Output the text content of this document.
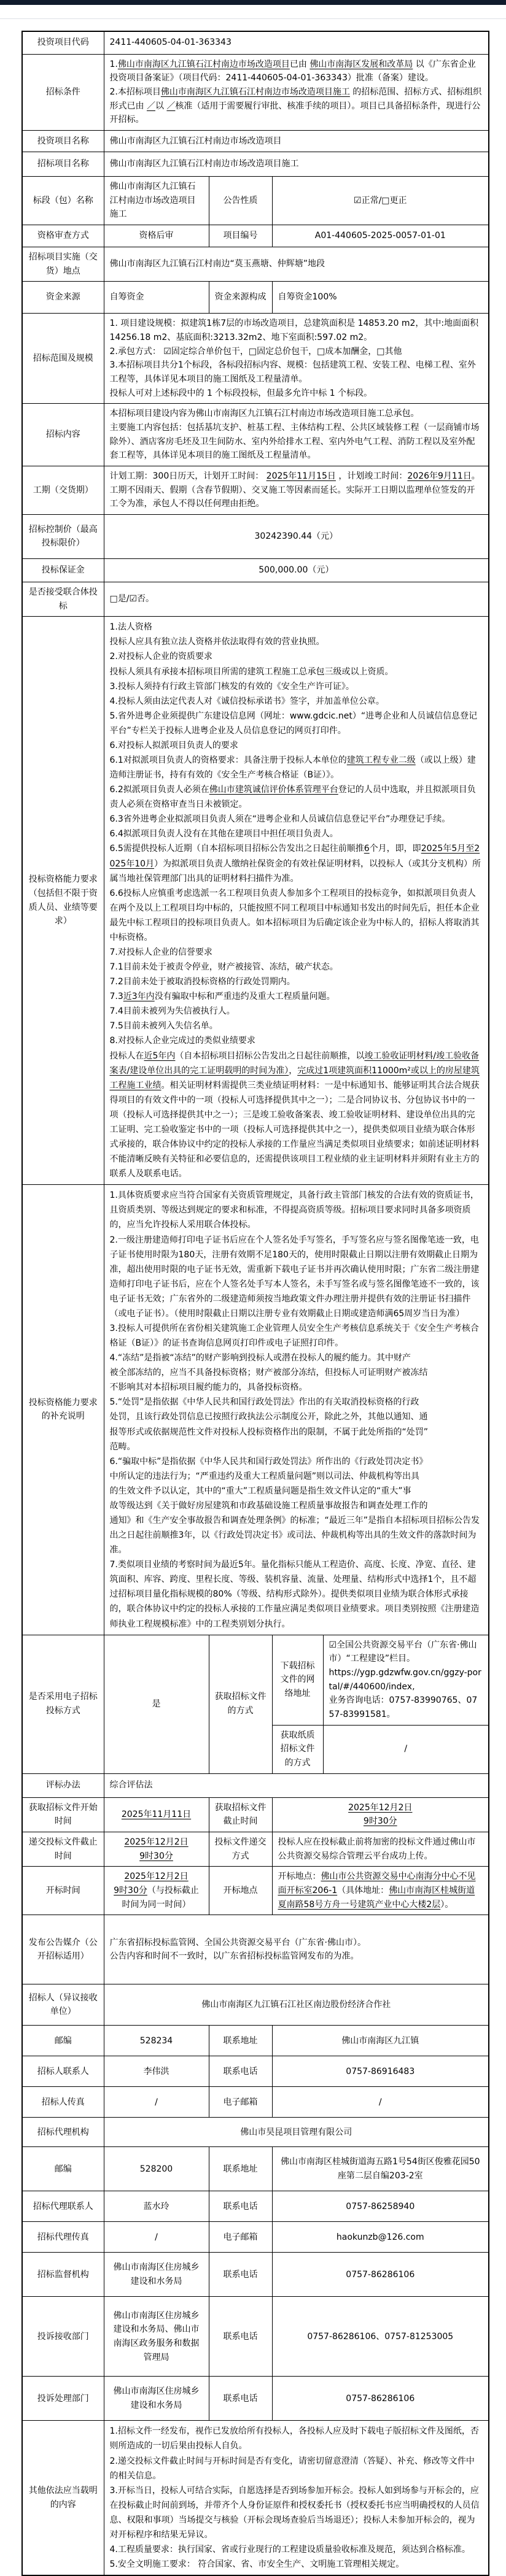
投资项目代码	2411-440605-04-01-363343			
招标条件	1.佛山市南海区九江镇石江村南边市场改造项目已由 佛山市南海区发展和改革局 以《广东省企业投资项目备案证》（项目代码：2411-440605-04-01-363343）批准（备案）建设。
2.本招标项目佛山市南海区九江镇石江村南边市场改造项目施工 的招标范围、招标方式、招标组织形式已由 ／以 ／核准（适用于需要履行审批、核准手续的项目）。项目已具备招标条件，现进行公开招标。			
投资项目名称	佛山市南海区九江镇石江村南边市场改造项目			
招标项目名称	佛山市南海区九江镇石江村南边市场改造项目施工			
标段（包）名称	佛山市南海区九江镇石江村南边市场改造项目施工	公告性质	☑正常/□更正	
资格审查方式	资格后审	项目编号	A01-440605-2025-0057-01-01	
招标项目实施（交货）地点	佛山市南海区九江镇石江村南边“莫玉燕塘、仲辉塘”地段			
资金来源	自筹资金	资金来源构成	自筹资金100%	
招标范围及规模	1. 项目建设规模：拟建筑1栋7层的市场改造项目，总建筑面积是 14853.20 m2，其中:地面面积14256.18 m2、基底面积:3213.32m2、地下室面积:597.02 m2。
2.承包方式： ☑固定综合单价包干，□固定总价包干，□成本加酬金，□其他
3.本招标项目共分1个标段，各标段招标内容、规模：包括建筑工程、安装工程、电梯工程、室外工程等，具体详见本项目的施工图纸及工程量清单。
投标人可对上述标段中的 1 个标段投标，但最多允许中标 1 个标段。			
招标内容	本招标项目建设内容为佛山市南海区九江镇石江村南边市场改造项目施工总承包。
主要施工内容包括：包括基坑支护、桩基工程、主体结构工程、公共区域装修工程（一层商铺市场除外）、酒店客房毛坯及卫生间防水、室内外给排水工程、室内外电气工程、消防工程以及室外配套工程等，具体详见本项目的施工图纸及工程量清单。			
工期（交货期）	计划工期：300日历天，计划开工时间： 2025年11月15日 ，计划竣工时间：2026年9月11日。工期不因雨天、假期（含春节假期）、交叉施工等因素而延长。实际开工日期以监理单位签发的开工令为准，承包人不得以任何理由拒绝。			
招标控制价（最高投标限价）	30242390.44（元）			
投标保证金	500,000.00（元）			
是否接受联合体投标	□是/☑否。			
投标资格能力要求（包括但不限于资质人员、业绩等要求）	1.法人资格
投标人应具有独立法人资格并依法取得有效的营业执照。
2.对投标人企业的资质要求
投标人须具有承接本招标项目所需的建筑工程施工总承包三级或以上资质。
3.投标人须持有行政主管部门核发的有效的《安全生产许可证》。
4.投标人须由法定代表人对《诚信投标承诺书》签字，并加盖单位公章。
5.省外进粤企业须提供广东建设信息网（网址：www.gdcic.net）“进粤企业和人员诚信信息登记平台”专栏关于投标人进粤企业及人员信息登记的网页打印件。
6.对投标人拟派项目负责人的要求
6.1对拟派项目负责人的资格要求：具备注册于投标人本单位的建筑工程专业二级（或以上级）建造师注册证书，持有有效的《安全生产考核合格证（B证）》。
6.2拟派项目负责人必须在佛山市建筑诚信评价体系管理平台登记的人员中选取，并且拟派项目负责人必须在资格审查当日未被锁定。
6.3省外进粤企业拟派项目负责人须在“进粤企业和人员诚信信息登记平台”办理登记手续。
6.4拟派项目负责人没有在其他在建项目中担任项目负责人。
6.5需提供投标人近期（自本招标项目招标公告发出之日起往前顺推6个月，即，即2025年5月至2025年10月）为拟派项目负责人缴纳社保资金的有效社保证明材料，以投标人（或其分支机构）所属当地社保管理部门出具的证明材料扫描件为准。
6.6投标人应慎重考虑选派一名工程项目负责人参加多个工程项目的投标竞争，如拟派项目负责人在两个及以上工程项目均中标的，只能按照不同工程项目中标通知书发出的时间先后，担任本企业最先中标工程项目的投标项目负责人。如本招标项目为后确定该企业为中标人的，招标人将取消其中标资格。
7.对投标人企业的信誉要求
7.1目前未处于被责令停业，财产被接管、冻结，破产状态。
7.2目前未处于被取消投标资格的行政处罚期内。
7.3近3年内没有骗取中标和严重违约及重大工程质量问题。
7.4目前未被列为失信被执行人。
7.5目前未被列入失信名单。
8.对投标人企业完成过的类似业绩要求
投标人在近5年内（自本招标项目招标公告发出之日起往前顺推，以竣工验收证明材料/竣工验收备案表/建设单位出具的完工证明载明的时间为准），完成过1项建筑面积11000m²或以上的房屋建筑工程施工业绩。相关证明材料需提供三类业绩证明材料：一是中标通知书、能够证明其合法合规获得项目的有效文件中的一项（投标人可选择提供其中之一）；二是合同协议书、分包协议书中的一项（投标人可选择提供其中之一）；三是竣工验收备案表、竣工验收证明材料、建设单位出具的完工证明、完工验收鉴定书中的一项（投标人可选择提供其中之一），提供类似项目业绩为联合体形式承接的，联合体协议中约定的投标人承接的工作量应当满足类似项目业绩要求；如前述证明材料不能清晰反映有关特征和必要信息的，还需提供该项目工程业绩的业主证明材料并须附有业主方的联系人及联系电话。
投标资格能力要求的补充说明	1.具体资质要求应当符合国家有关资质管理规定，具备行政主管部门核发的合法有效的资质证书，且资质类别、等级达到规定的要求和标准，不得提高资质等级。招标项目要求同时具备多项资质的，应当允许投标人采用联合体投标。
2.一级注册建造师打印电子证书后应在个人签名处手写签名，手写签名应与签名图像笔迹一致，电子证书使用时限为180天，注册有效期不足180天的，使用时限截止日期以注册有效期截止日期为准，超出使用时限的电子证书无效，需重新下载电子证书并再次确认使用时限；广东省二级注册建造师打印电子证书后，应在个人签名处手写本人签名，未手写签名或与签名图像笔迹不一致的，该电子证书无效；广东省外的二级建造师须按当地政策文件办理注册并提供有效的注册证书扫描件（或电子证书）。（使用时限截止日期以注册专业有效期截止日期或建造师满65周岁当日为准）
3.投标人可提供所在省份相关建筑施工企业管理人员安全生产考核信息系统关于《安全生产考核合格证（B证）》的证书查询信息网页打印件或电子证照打印件。
4.“冻结”是指被“冻结”的财产影响到投标人或潜在投标人的履约能力。其中财产
被全部冻结的，应当不具备投标资格；财产被部分冻结，但投标人可证明财产被冻结
不影响其对本招标项目履约能力的，具备投标资格。
5.“处罚”是指依据《中华人民共和国行政处罚法》作出的有关取消投标资格的行政
处罚，且该行政处罚信息已按照行政执法公示制度公开，除此之外，其他以通知、通
报等形式或依据规范性文件对投标人投标资格作出的限制，不属于此处所指的“处罚”
范畴。
6.“骗取中标”是指依据《中华人民共和国行政处罚法》所作出的《行政处罚决定书》
中所认定的违法行为；“严重违约及重大工程质量问题”则以司法、仲裁机构等出具
的生效文件予以认定，其中的“重大”工程质量问题是指生效文件认定的“重大”事
故等级达到《关于做好房屋建筑和市政基础设施工程质量事故报告和调查处理工作的
通知》和《生产安全事故报告和调查处理条例》的标准；“最近三年”是指自本招标项目招标公告发出之日起往前顺推3年，以《行政处罚决定书》或司法、仲裁机构等出具的生效文件的落款时间为准。
7.类似项目业绩的考察时间为最近5年。量化指标只能从工程造价、高度、长度、净宽、直径、建筑面积、库容、跨度、里程长度、等级、装机容量、流量、处理量、结构形式中选择1个，且不超过招标项目量化指标规模的80%（等级、结构形式除外）。提供类似项目业绩为联合体形式承接的，联合体协议中约定的投标人承接的工作量应满足类似项目业绩要求。项目类别按照《注册建造师执业工程规模标准》中的工程类别划分执行。
是否采用电子招标投标方式	是	获取招标文件的方式	下载招标文件的网络地址	☑全国公共资源交易平台（广东省·佛山市）“工程建设”栏目。
https://ygp.gdzwfw.gov.cn/ggzy-portal/#/440600/index,
业务咨询电话：0757-83990765、0757-83991581。
			获取纸质招标文件的方式	/
评标办法	综合评估法			
获取招标文件开始时间	2025年11月11日	获取招标文件截止时间	2025年12月2日
9时30分	
递交投标文件截止时间	2025年12月2日
9时30分	投标文件递交方式	投标人应在投标截止前将加密的投标文件通过佛山市公共资源交易综合管理云平台成功上传。	
开标时间	2025年12月2日
9时30分（与投标截止时间为同一时间）	开标地点	开标地点：佛山市公共资源交易中心南海分中心不见面开标室206-1（具体地址：佛山市南海区桂城街道夏南路58号方舟一号建筑产业中心大楼2层）。	
发布公告媒介（公开招标适用）	广东省招标投标监管网、全国公共资源交易平台（广东省·佛山市）。
公告内容和时间不一致时，以广东省招标投标监管网发布的为准。			
招标人（异议接收单位）	佛山市南海区九江镇石江社区南边股份经济合作社			
邮编	528234	联系地址	佛山市南海区九江镇	
招标人联系人	李伟洪	联系电话	0757-86916483	
招标人传真	/	电子邮箱	/	
招标代理机构	佛山市昊昆项目管理有限公司			
邮编	528200	联系地址	佛山市南海区桂城街道海五路1号54街区俊雅花园50座第二层自编203-2室	
招标代理联系人	蓝水玲	联系电话	0757-86258940	
招标代理传真	/	电子邮箱	haokunzb@126.com	
招标监督机构	佛山市南海区住房城乡建设和水务局	联系电话	0757-86286106	
投诉接收部门	佛山市南海区住房城乡建设和水务局、佛山市南海区政务服务和数据管理局	联系电话	0757-86286106、0757-81253005	
投诉处理部门	佛山市南海区住房城乡建设和水务局	联系电话	0757-86286106	
其他依法应当载明的内容	1.招标文件一经发布，视作已发放给所有投标人，各投标人应及时下载电子版招标文件及图纸，否则所造成的一切后果由投标人自负。
2.递交投标文件截止时间与开标时间是否有变化，请密切留意澄清（答疑）、补充、修改等文件中的相关信息。
3.开标当日，投标人可结合实际，自愿选择是否到场参加开标会。投标人如到场参与开标会的，应在投标截止时间前到场，并带齐个人身份证原件和授权委托书（授权委托书应当明确授权的人员信息、权限和事项）当场提交与核验（开标会现场查验后当场退还）；投标人未参加开标会的，视为对开标程序和结果无异议。
4.工程质量要求：执行国家、省或行业现行的工程建设质量验收标准及规范，须达到合格标准。
5.安全文明施工要求： 符合国家、省、市安全生产、文明施工管理相关规定。			
